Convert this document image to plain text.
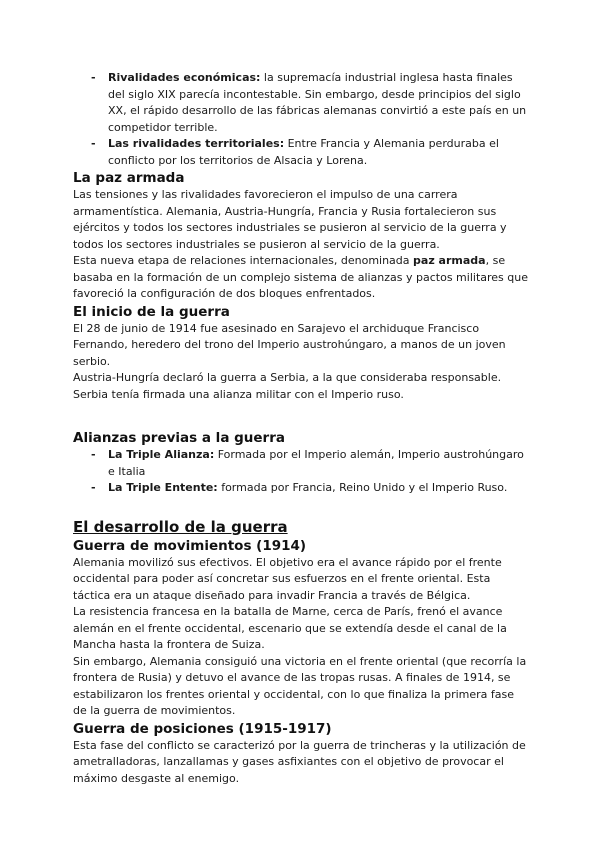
- Rivalidades económicas: la supremacía industrial inglesa hasta finales del siglo XIX parecía incontestable. Sin embargo, desde principios del siglo XX, el rápido desarrollo de las fábricas alemanas convirtió a este país en un competidor terrible.
- Las rivalidades territoriales: Entre Francia y Alemania perduraba el conflicto por los territorios de Alsacia y Lorena.
La paz armada

Las tensiones y las rivalidades favorecieron el impulso de una carrera armamentística. Alemania, Austria-Hungría, Francia y Rusia fortalecieron sus ejércitos y todos los sectores industriales se pusieron al servicio de la guerra y todos los sectores industriales se pusieron al servicio de la guerra.

Esta nueva etapa de relaciones internacionales, denominada paz armada, se basaba en la formación de un complejo sistema de alianzas y pactos militares que favoreció la configuración de dos bloques enfrentados.

El inicio de la guerra

El 28 de junio de 1914 fue asesinado en Sarajevo el archiduque Francisco Fernando, heredero del trono del Imperio austrohúngaro, a manos de un joven serbio.

Austria-Hungría declaró la guerra a Serbia, a la que consideraba responsable.

Serbia tenía firmada una alianza militar con el Imperio ruso.

Alianzas previas a la guerra
- La Triple Alianza: Formada por el Imperio alemán, Imperio austrohúngaro e Italia
- La Triple Entente: formada por Francia, Reino Unido y el Imperio Ruso.
El desarrollo de la guerra
Guerra de movimientos (1914)

Alemania movilizó sus efectivos. El objetivo era el avance rápido por el frente occidental para poder así concretar sus esfuerzos en el frente oriental. Esta táctica era un ataque diseñado para invadir Francia a través de Bélgica.

La resistencia francesa en la batalla de Marne, cerca de París, frenó el avance alemán en el frente occidental, escenario que se extendía desde el canal de la Mancha hasta la frontera de Suiza.

Sin embargo, Alemania consiguió una victoria en el frente oriental (que recorría la frontera de Rusia) y detuvo el avance de las tropas rusas. A finales de 1914, se estabilizaron los frentes oriental y occidental, con lo que finaliza la primera fase de la guerra de movimientos.

Guerra de posiciones (1915-1917)

Esta fase del conflicto se caracterizó por la guerra de trincheras y la utilización de ametralladoras, lanzallamas y gases asfixiantes con el objetivo de provocar el máximo desgaste al enemigo.
